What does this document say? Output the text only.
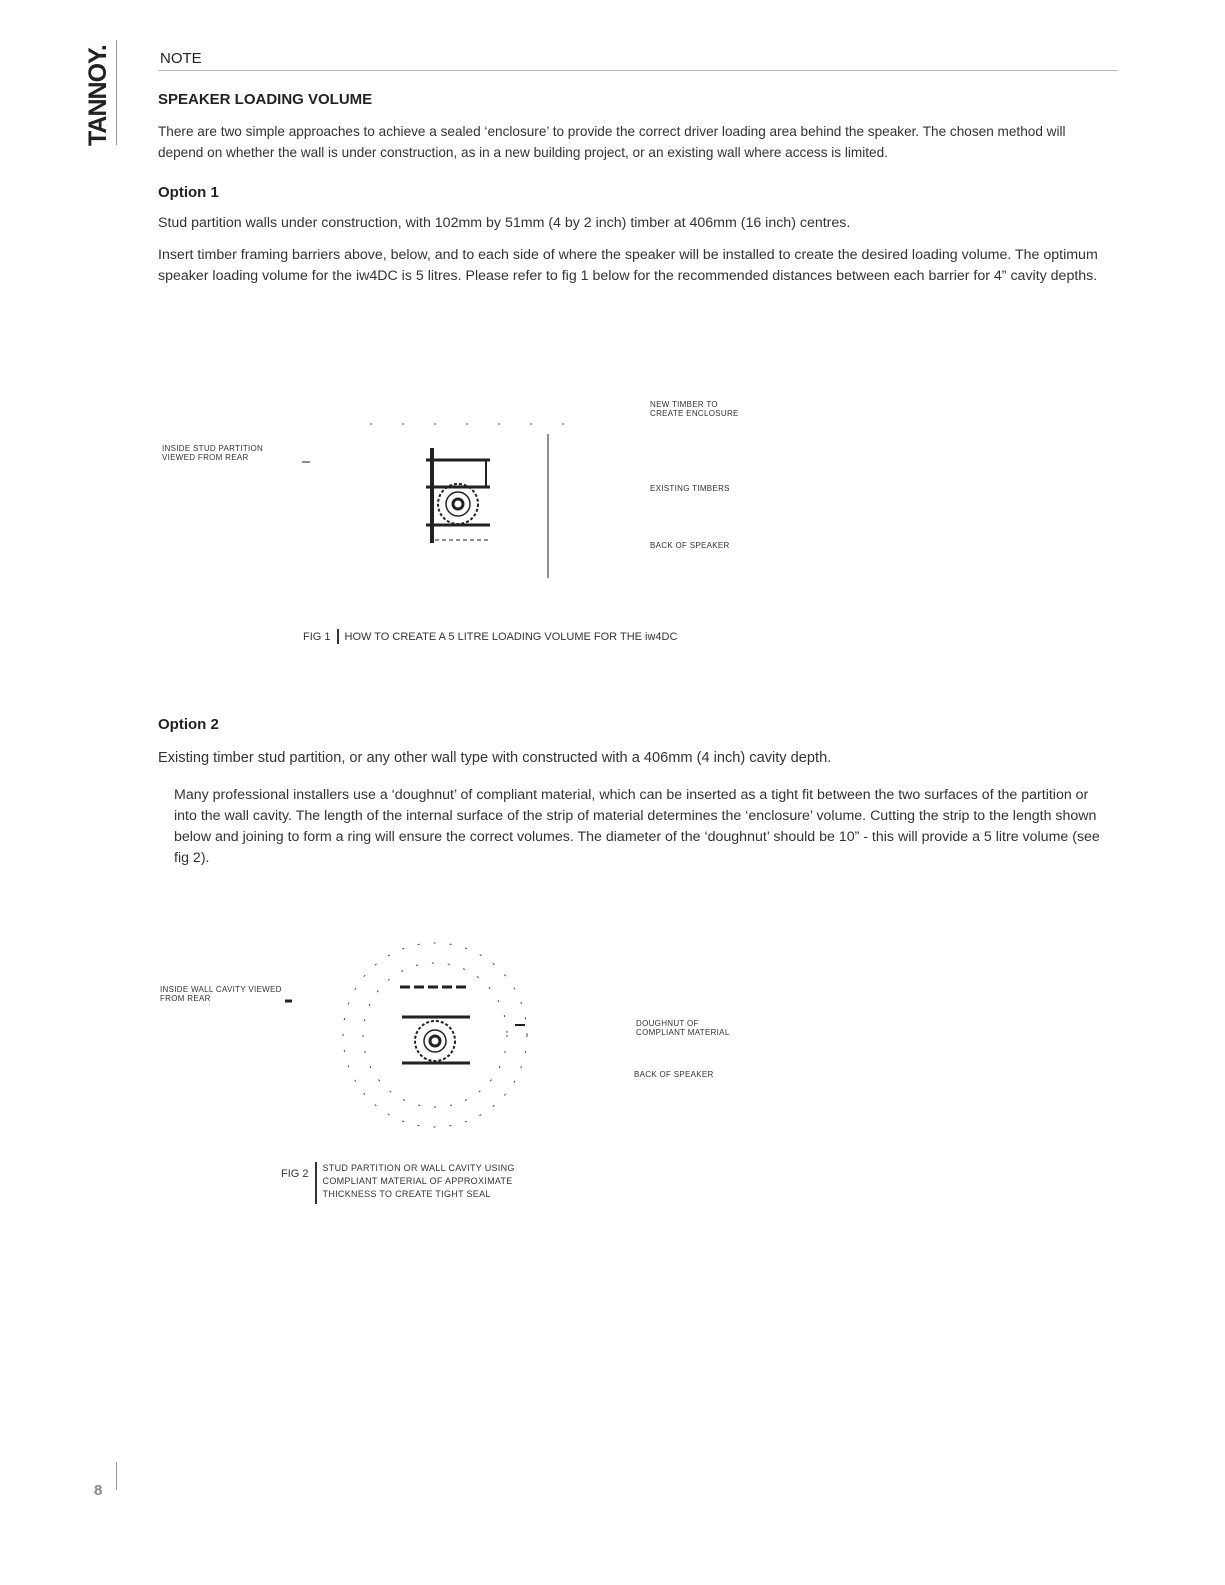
TANNOY.	NOTE
SPEAKER LOADING VOLUME

There are two simple approaches to achieve a sealed ‘enclosure’ to provide the correct driver loading area behind the speaker. The chosen method will depend on whether the wall is under construction, as in a new building project, or an existing wall where access is limited.

Option 1

Stud partition walls under construction, with 102mm by 51mm (4 by 2 inch) timber at 406mm (16 inch) centres.

Insert timber framing barriers above, below, and to each side of where the speaker will be installed to create the desired loading volume. The optimum speaker loading volume for the iw4DC is 5 litres. Please refer to fig 1 below for the recommended distances between each barrier for 4” cavity depths.

INSIDE STUD PARTITION
VIEWED FROM REAR
NEW TIMBER TO
CREATE ENCLOSURE
EXISTING TIMBERS
BACK OF SPEAKER
FIG 1 HOW TO CREATE A 5 LITRE LOADING VOLUME FOR THE iw4DC
Option 2

Existing timber stud partition, or any other wall type with constructed with a 406mm (4 inch) cavity depth.

Many professional installers use a ‘doughnut’ of compliant material, which can be inserted as a tight fit between the two surfaces of the partition or into the wall cavity. The length of the internal surface of the strip of material determines the ‘enclosure’ volume. Cutting the strip to the length shown below and joining to form a ring will ensure the correct volumes. The diameter of the ‘doughnut’ should be 10” - this will provide a 5 litre volume (see fig 2).

INSIDE WALL CAVITY VIEWED
FROM REAR
DOUGHNUT OF
COMPLIANT MATERIAL
BACK OF SPEAKER
FIG 2 STUD PARTITION OR WALL CAVITY USING
COMPLIANT MATERIAL OF APPROXIMATE
THICKNESS TO CREATE TIGHT SEAL
8
